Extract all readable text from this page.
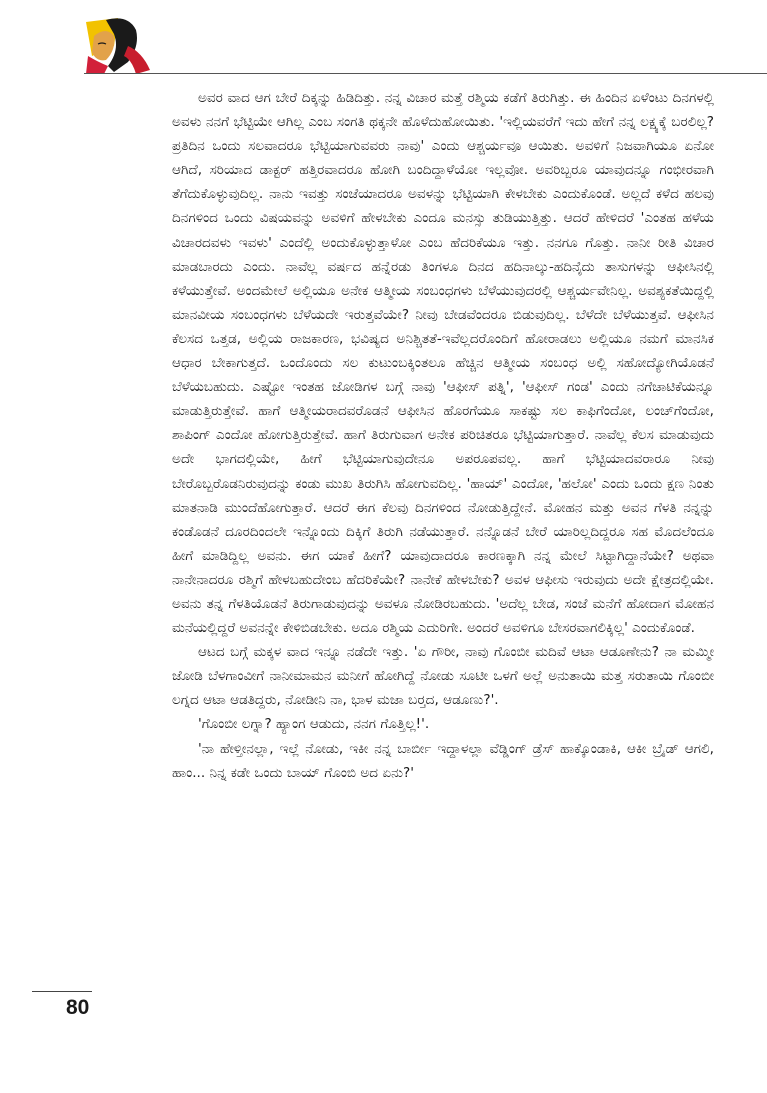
ಅವರ ವಾದ ಆಗ ಬೇರೆ ದಿಕ್ಕನ್ನು ಹಿಡಿದಿತ್ತು. ನನ್ನ ವಿಚಾರ ಮತ್ತೆ ರಶ್ಮಿಯ ಕಡೆಗೆ ತಿರುಗಿತ್ತು. ಈ ಹಿಂದಿನ ಏಳೆಂಟು ದಿನಗಳಲ್ಲಿ ಅವಳು ನನಗೆ ಭೆಟ್ಟಿಯೇ ಆಗಿಲ್ಲ ಎಂಬ ಸಂಗತಿ ಥಕ್ಕನೇ ಹೊಳೆದುಹೋಯಿತು. 'ಇಲ್ಲಿಯವರೆಗೆ ಇದು ಹೇಗೆ ನನ್ನ ಲಕ್ಷ್ಯಕ್ಕೆ ಬರಲಿಲ್ಲ? ಪ್ರತಿದಿನ ಒಂದು ಸಲವಾದರೂ ಭೆಟ್ಟಿಯಾಗುವವರು ನಾವು' ಎಂದು ಆಶ್ಚರ್ಯವೂ ಆಯಿತು. ಅವಳಿಗೆ ನಿಜವಾಗಿಯೂ ಏನೋ ಆಗಿದೆ, ಸರಿಯಾದ ಡಾಕ್ಟರ್ ಹತ್ತಿರವಾದರೂ ಹೋಗಿ ಬಂದಿದ್ದಾಳೆಯೋ ಇಲ್ಲವೋ. ಅವರಿಬ್ಬರೂ ಯಾವುದನ್ನೂ ಗಂಭೀರವಾಗಿ ತೆಗೆದುಕೊಳ್ಳುವುದಿಲ್ಲ. ನಾನು ಇವತ್ತು ಸಂಜೆಯಾದರೂ ಅವಳನ್ನು ಭೆಟ್ಟಿಯಾಗಿ ಕೇಳಬೇಕು ಎಂದುಕೊಂಡೆ. ಅಲ್ಲದೆ ಕಳೆದ ಹಲವು ದಿನಗಳಿಂದ ಒಂದು ವಿಷಯವನ್ನು ಅವಳಿಗೆ ಹೇಳಬೇಕು ಎಂದೂ ಮನಸ್ಸು ತುಡಿಯುತ್ತಿತ್ತು. ಆದರೆ ಹೇಳಿದರೆ 'ಎಂತಹ ಹಳೆಯ ವಿಚಾರದವಳು ಇವಳು' ಎಂದೆಲ್ಲಿ ಅಂದುಕೊಳ್ಳುತ್ತಾಳೋ ಎಂಬ ಹೆದರಿಕೆಯೂ ಇತ್ತು. ನನಗೂ ಗೊತ್ತು. ನಾನೀ ರೀತಿ ವಿಚಾರ ಮಾಡಬಾರದು ಎಂದು. ನಾವೆಲ್ಲ ವರ್ಷದ ಹನ್ನೆರಡು ತಿಂಗಳೂ ದಿನದ ಹದಿನಾಲ್ಕು-ಹದಿನೈದು ತಾಸುಗಳನ್ನು ಆಫೀಸಿನಲ್ಲಿ ಕಳೆಯುತ್ತೇವೆ. ಅಂದಮೇಲೆ ಅಲ್ಲಿಯೂ ಅನೇಕ ಆತ್ಮೀಯ ಸಂಬಂಧಗಳು ಬೆಳೆಯುವುದರಲ್ಲಿ ಆಶ್ಚರ್ಯವೇನಿಲ್ಲ. ಅವಶ್ಯಕತೆಯಿದ್ದಲ್ಲಿ ಮಾನವೀಯ ಸಂಬಂಧಗಳು ಬೆಳೆಯದೇ ಇರುತ್ತವೆಯೇ? ನೀವು ಬೇಡವೆಂದರೂ ಬಿಡುವುದಿಲ್ಲ. ಬೆಳೆದೇ ಬೆಳೆಯುತ್ತವೆ. ಆಫೀಸಿನ ಕೆಲಸದ ಒತ್ತಡ, ಅಲ್ಲಿಯ ರಾಜಕಾರಣ, ಭವಿಷ್ಯದ ಅನಿಶ್ಚಿತತೆ-ಇವೆಲ್ಲದರೊಂದಿಗೆ ಹೋರಾಡಲು ಅಲ್ಲಿಯೂ ನಮಗೆ ಮಾನಸಿಕ ಆಧಾರ ಬೇಕಾಗುತ್ತದೆ. ಒಂದೊಂದು ಸಲ ಕುಟುಂಬಕ್ಕಿಂತಲೂ ಹೆಚ್ಚಿನ ಆತ್ಮೀಯ ಸಂಬಂಧ ಅಲ್ಲಿ ಸಹೋದ್ಯೋಗಿಯೊಡನೆ ಬೆಳೆಯಬಹುದು. ಎಷ್ಟೋ ಇಂತಹ ಜೋಡಿಗಳ ಬಗ್ಗೆ ನಾವು 'ಆಫೀಸ್ ಪತ್ನಿ', 'ಆಫೀಸ್ ಗಂಡ' ಎಂದು ನಗೆಚಾಟಿಕೆಯನ್ನೂ ಮಾಡುತ್ತಿರುತ್ತೇವೆ. ಹಾಗೆ ಆತ್ಮೀಯರಾದವರೊಡನೆ ಆಫೀಸಿನ ಹೊರಗೆಯೂ ಸಾಕಷ್ಟು ಸಲ ಕಾಫಿಗೆಂದೋ, ಲಂಚ್‌ಗೆಂದೋ, ಶಾಪಿಂಗ್ ಎಂದೋ ಹೋಗುತ್ತಿರುತ್ತೇವೆ. ಹಾಗೆ ತಿರುಗುವಾಗ ಅನೇಕ ಪರಿಚಿತರೂ ಭೆಟ್ಟಿಯಾಗುತ್ತಾರೆ. ನಾವೆಲ್ಲ ಕೆಲಸ ಮಾಡುವುದು ಅದೇ ಭಾಗದಲ್ಲಿಯೇ, ಹೀಗೆ ಭೆಟ್ಟಿಯಾಗುವುದೇನೂ ಅಪರೂಪವಲ್ಲ. ಹಾಗೆ ಭೆಟ್ಟಿಯಾದವರಾರೂ ನೀವು ಬೇರೊಬ್ಬರೊಡನಿರುವುದನ್ನು ಕಂಡು ಮುಖ ತಿರುಗಿಸಿ ಹೋಗುವದಿಲ್ಲ. 'ಹಾಯ್' ಎಂದೋ, 'ಹಲೋ' ಎಂದು ಒಂದು ಕ್ಷಣ ನಿಂತು ಮಾತನಾಡಿ ಮುಂದೆಹೋಗುತ್ತಾರೆ. ಆದರೆ ಈಗ ಕೆಲವು ದಿನಗಳಿಂದ ನೋಡುತ್ತಿದ್ದೇನೆ. ಮೋಹನ ಮತ್ತು ಅವನ ಗೆಳತಿ ನನ್ನನ್ನು ಕಂಡೊಡನೆ ದೂರದಿಂದಲೇ ಇನ್ನೊಂದು ದಿಕ್ಕಿಗೆ ತಿರುಗಿ ನಡೆಯುತ್ತಾರೆ. ನನ್ನೊಡನೆ ಬೇರೆ ಯಾರಿಲ್ಲದಿದ್ದರೂ ಸಹ ಮೊದಲೆಂದೂ ಹೀಗೆ ಮಾಡಿದ್ದಿಲ್ಲ ಅವನು. ಈಗ ಯಾಕೆ ಹೀಗೆ? ಯಾವುದಾದರೂ ಕಾರಣಕ್ಕಾಗಿ ನನ್ನ ಮೇಲೆ ಸಿಟ್ಟಾಗಿದ್ದಾನೆಯೇ? ಅಥವಾ ನಾನೇನಾದರೂ ರಶ್ಮಿಗೆ ಹೇಳಬಹುದೇಂಬ ಹೆದರಿಕೆಯೇ? ನಾನೇಕೆ ಹೇಳಬೇಕು? ಅವಳ ಆಫೀಸು ಇರುವುದು ಅದೇ ಕ್ಷೇತ್ರದಲ್ಲಿಯೇ. ಅವನು ತನ್ನ ಗೆಳತಿಯೊಡನೆ ತಿರುಗಾಡುವುದನ್ನು ಅವಳೂ ನೋಡಿರಬಹುದು. 'ಅದೆಲ್ಲ ಬೇಡ, ಸಂಜೆ ಮನೆಗೆ ಹೋದಾಗ ಮೋಹನ ಮನೆಯಲ್ಲಿದ್ದರೆ ಅವನನ್ನೇ ಕೇಳಿಬಿಡಬೇಕು. ಅದೂ ರಶ್ಮಿಯ ಎದುರಿಗೇ. ಅಂದರೆ ಅವಳಿಗೂ ಬೇಸರವಾಗಲಿಕ್ಕಿಲ್ಲ' ಎಂದುಕೊಂಡೆ.

ಆಟದ ಬಗ್ಗೆ ಮಕ್ಕಳ ವಾದ ಇನ್ನೂ ನಡೆದೇ ಇತ್ತು. 'ಏ ಗೌರೀ, ನಾವು ಗೊಂಬೀ ಮದಿವೆ ಆಟಾ ಆಡೂಣೇನು? ನಾ ಮಮ್ಮೀ ಜೋಡಿ ಬೆಳಗಾಂವೀಗೆ ನಾನೀಮಾಮನ ಮನೀಗೆ ಹೋಗಿದ್ದೆ ನೋಡು ಸೂಟೀ ಒಳಗೆ ಅಲ್ಲೆ ಅನುತಾಯಿ ಮತ್ತ ಸರುತಾಯಿ ಗೊಂಬೀ ಲಗ್ನದ ಆಟಾ ಆಡತಿದ್ದರು, ನೋಡೀನಿ ನಾ, ಭಾಳ ಮಜಾ ಬರ್‍ತದ, ಆಡೂಣು?'.

'ಗೊಂಬೀ ಲಗ್ನಾ? ಹ್ಯಾಂಗ ಆಡುದು, ನನಗ ಗೊತ್ತಿಲ್ಲ!'.

'ನಾ ಹೇಳ್ತೀನಲ್ಲಾ, ಇಲ್ಲೆ ನೋಡು, ಇಕೀ ನನ್ನ ಬಾರ್ಬೀ ಇದ್ದಾಳಲ್ಲಾ ವೆಡ್ಡಿಂಗ್ ಡ್ರೆಸ್ ಹಾಕ್ಕೊಂಡಾಕಿ, ಆಕೀ ಬ್ರೈಡ್ ಆಗಲಿ, ಹಾಂ... ನಿನ್ನ ಕಡೇ ಒಂದು ಬಾಯ್ ಗೊಂಬಿ ಅದ ಏನು?'

80
